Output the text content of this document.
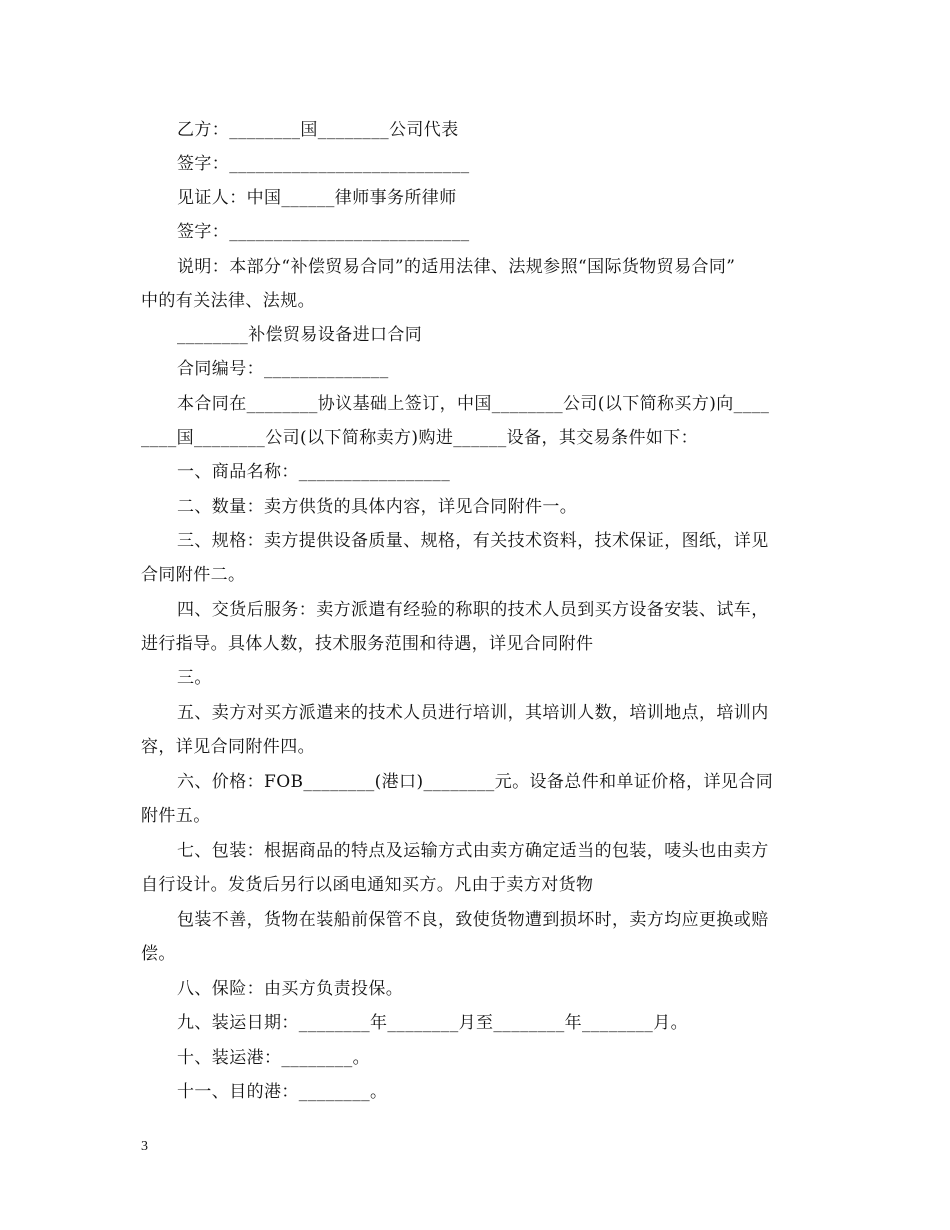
乙方：________国________公司代表
签字：___________________________
见证人：中国______律师事务所律师
签字：___________________________
说明：本部分“补偿贸易合同”的适用法律、法规参照“国际货物贸易合同”
中的有关法律、法规。
________补偿贸易设备进口合同
合同编号：______________
本合同在________协议基础上签订，中国________公司(以下简称买方)向____
____国________公司(以下简称卖方)购进______设备，其交易条件如下：
一、商品名称：_________________
二、数量：卖方供货的具体内容，详见合同附件一。
三、规格：卖方提供设备质量、规格，有关技术资料，技术保证，图纸，详见
合同附件二。
四、交货后服务：卖方派遣有经验的称职的技术人员到买方设备安装、试车，
进行指导。具体人数，技术服务范围和待遇，详见合同附件
三。
五、卖方对买方派遣来的技术人员进行培训，其培训人数，培训地点，培训内
容，详见合同附件四。
六、价格：FOB________(港口)________元。设备总件和单证价格，详见合同
附件五。
七、包装：根据商品的特点及运输方式由卖方确定适当的包装，唛头也由卖方
自行设计。发货后另行以函电通知买方。凡由于卖方对货物
包装不善，货物在装船前保管不良，致使货物遭到损坏时，卖方均应更换或赔
偿。
八、保险：由买方负责投保。
九、装运日期：________年________月至________年________月。
十、装运港：________。
十一、目的港：________。
3
